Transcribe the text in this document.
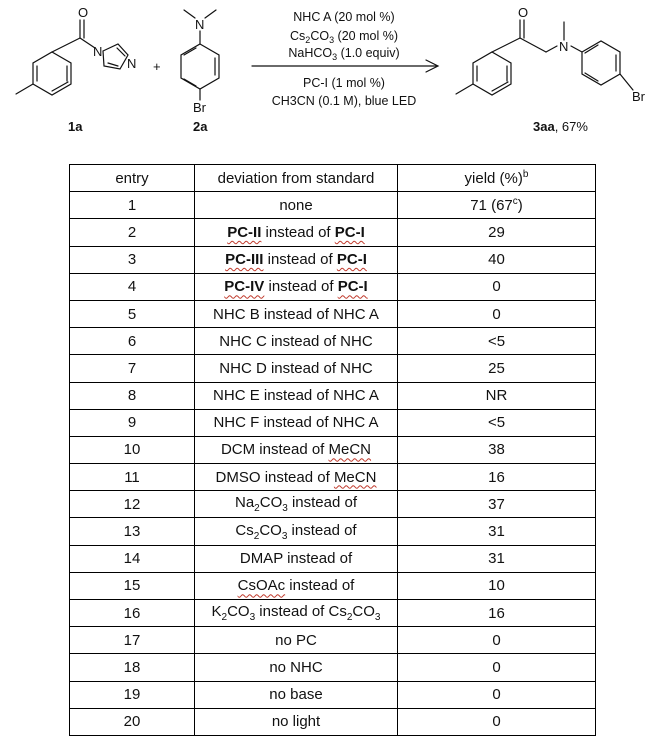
O
N
N
N
O
N
+
Br
Br
1a	2a	3aa, 67%
NHC A (20 mol %)
$Cs_2CO_3$ (20 mol %)
NaHCO$_3$ (1.0 equiv)
PC-I (1 mol %)
CH3CN (0.1 M), blue LED
entry	deviation from standard	yield (%)$^b$
1	none	71 (67$^c$)
2	PC-II instead of PC-I	29
3	PC-III instead of PC-I	40
4	PC-IV instead of PC-I	0
5	NHC B instead of NHC A	0
6	NHC C instead of NHC	<5
7	NHC D instead of NHC	25
8	NHC E instead of NHC A	NR
9	NHC F instead of NHC A	<5
10	DCM instead of MeCN	38
11	DMSO instead of MeCN	16
12	$Na_2CO_3$ instead of	37
13	$Cs_2CO_3$ instead of	31
14	DMAP instead of	31
15	CsOAc instead of	10
16	$K_2CO_3$ instead of $Cs_2CO_3$	16
17	no PC	0
18	no NHC	0
19	no base	0
20	no light	0
